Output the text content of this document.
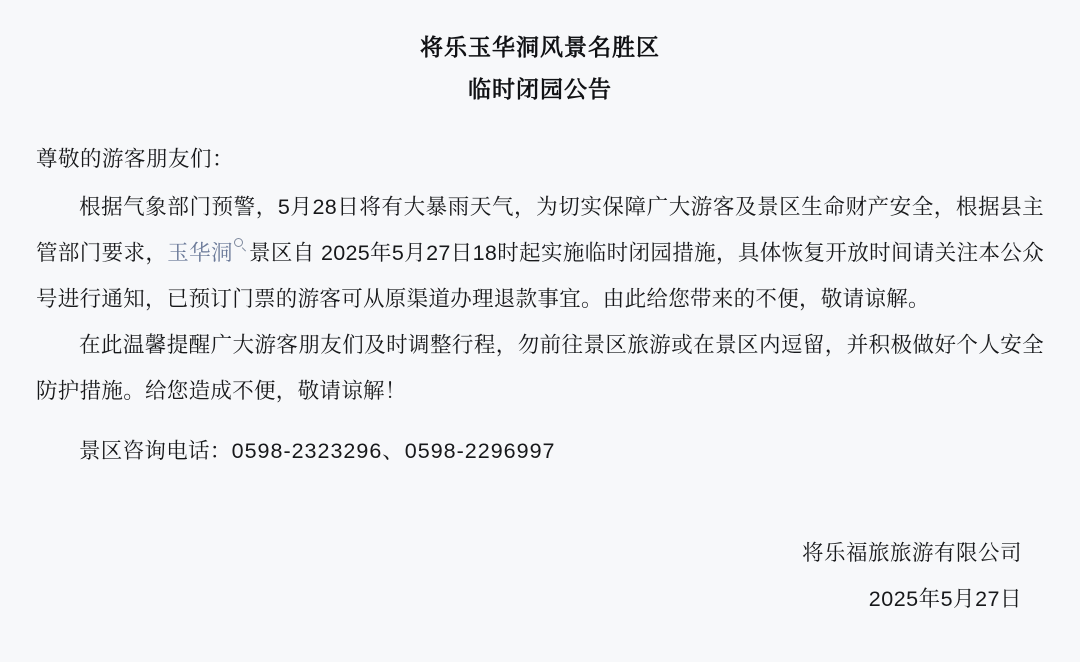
将乐玉华洞风景名胜区
临时闭园公告
尊敬的游客朋友们：

根据气象部门预警，5月28日将有大暴雨天气，为切实保障广大游客及景区生命财产安全，根据县主管部门要求，玉华洞 景区自 2025年5月27日18时起实施临时闭园措施，具体恢复开放时间请关注本公众号进行通知，已预订门票的游客可从原渠道办理退款事宜。由此给您带来的不便，敬请谅解。

在此温馨提醒广大游客朋友们及时调整行程，勿前往景区旅游或在景区内逗留，并积极做好个人安全防护措施。给您造成不便，敬请谅解！

景区咨询电话：0598-2323296、0598-2296997

将乐福旅旅游有限公司
2025年5月27日
